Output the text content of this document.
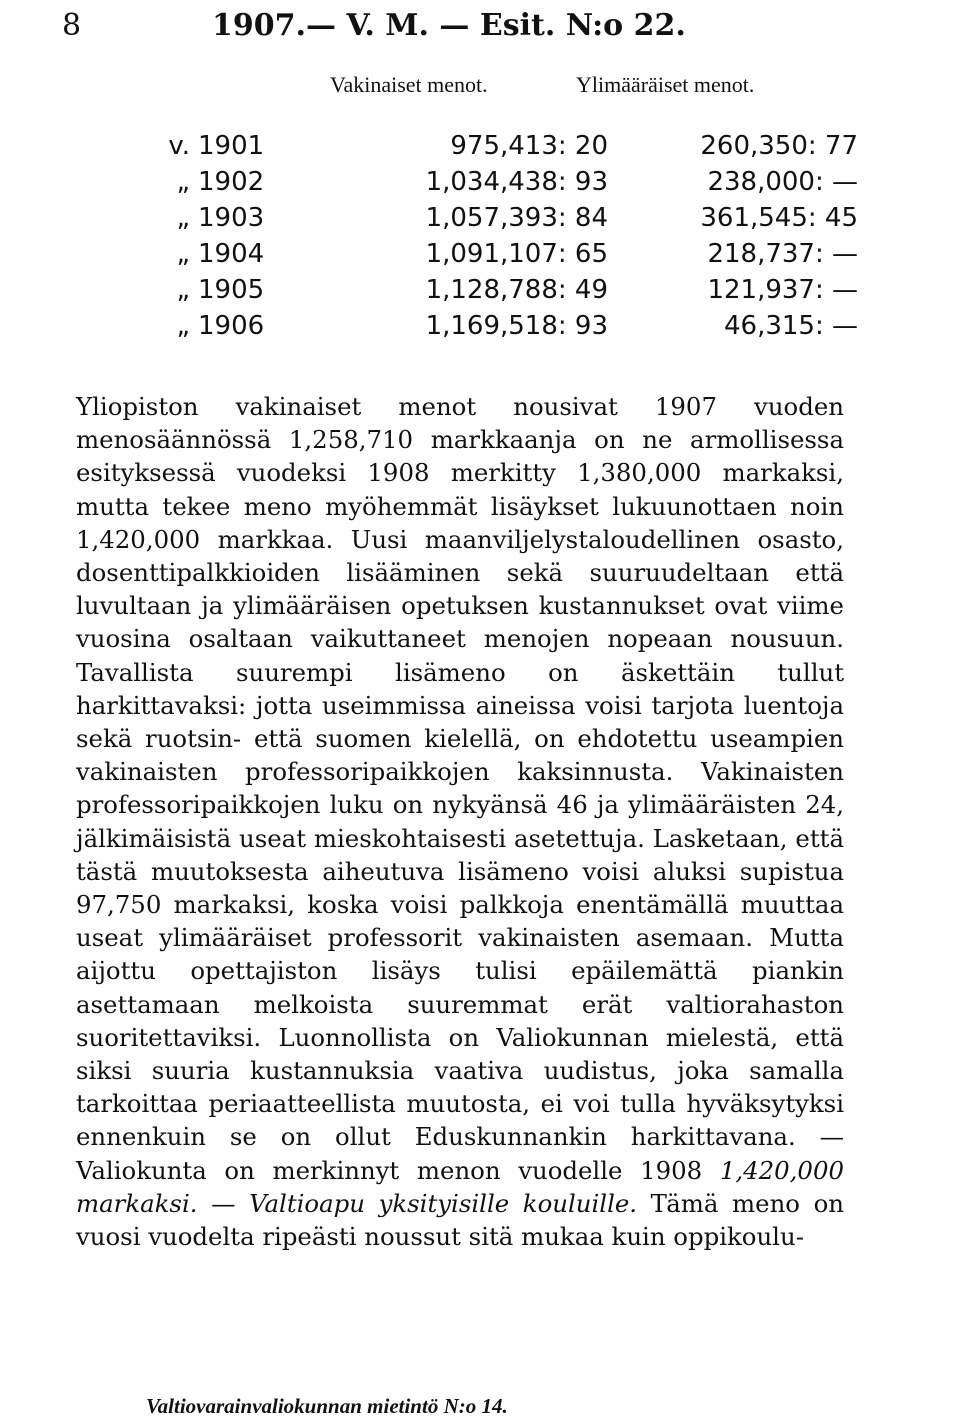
8	1907.— V. M. — Esit. N:o 22.
Vakinaiset menot.	Ylimääräiset menot.
v.	1901	975,413: 20	260,350: 77
„	1902	1,034,438: 93	238,000: —
„	1903	1,057,393: 84	361,545: 45
„	1904	1,091,107: 65	218,737: —
„	1905	1,128,788: 49	121,937: —
„	1906	1,169,518: 93	46,315: —

Yliopiston vakinaiset menot nousivat 1907 vuoden menosäännössä 1,258,710 markkaanja on ne armollisessa esityksessä vuodeksi 1908 merkitty 1,380,000 markaksi, mutta tekee meno myöhemmät lisäykset lukuunottaen noin 1,420,000 markkaa. Uusi maanviljelystaloudellinen osasto, dosenttipalkkioiden lisääminen sekä suuruudeltaan että luvultaan ja ylimääräisen opetuksen kustannukset ovat viime vuosina osaltaan vaikuttaneet menojen nopeaan nousuun. Tavallista suurempi lisämeno on äskettäin tullut harkittavaksi: jotta useimmissa aineissa voisi tarjota luentoja sekä ruotsin- että suomen kielellä, on ehdotettu useampien vakinaisten professoripaikkojen kaksinnusta. Vakinaisten professoripaikkojen luku on nykyänsä 46 ja ylimääräisten 24, jälkimäisistä useat mieskohtaisesti asetettuja. Lasketaan, että tästä muutoksesta aiheutuva lisämeno voisi aluksi supistua 97,750 markaksi, koska voisi palkkoja enentämällä muuttaa useat ylimääräiset professorit vakinaisten asemaan. Mutta aijottu opettajiston lisäys tulisi epäilemättä piankin asettamaan melkoista suuremmat erät valtiorahaston suoritettaviksi. Luonnollista on Valiokunnan mielestä, että siksi suuria kustannuksia vaativa uudistus, joka samalla tarkoittaa periaatteellista muutosta, ei voi tulla hyväksytyksi ennenkuin se on ollut Eduskunnankin harkittavana. — Valiokunta on merkinnyt menon vuodelle 1908 1,420,000 markaksi. — Valtioapu yksityisille kouluille. Tämä meno on vuosi vuodelta ripeästi noussut sitä mukaa kuin oppikoulu-

Valtiovarainvaliokunnan mietintö N:o 14.
